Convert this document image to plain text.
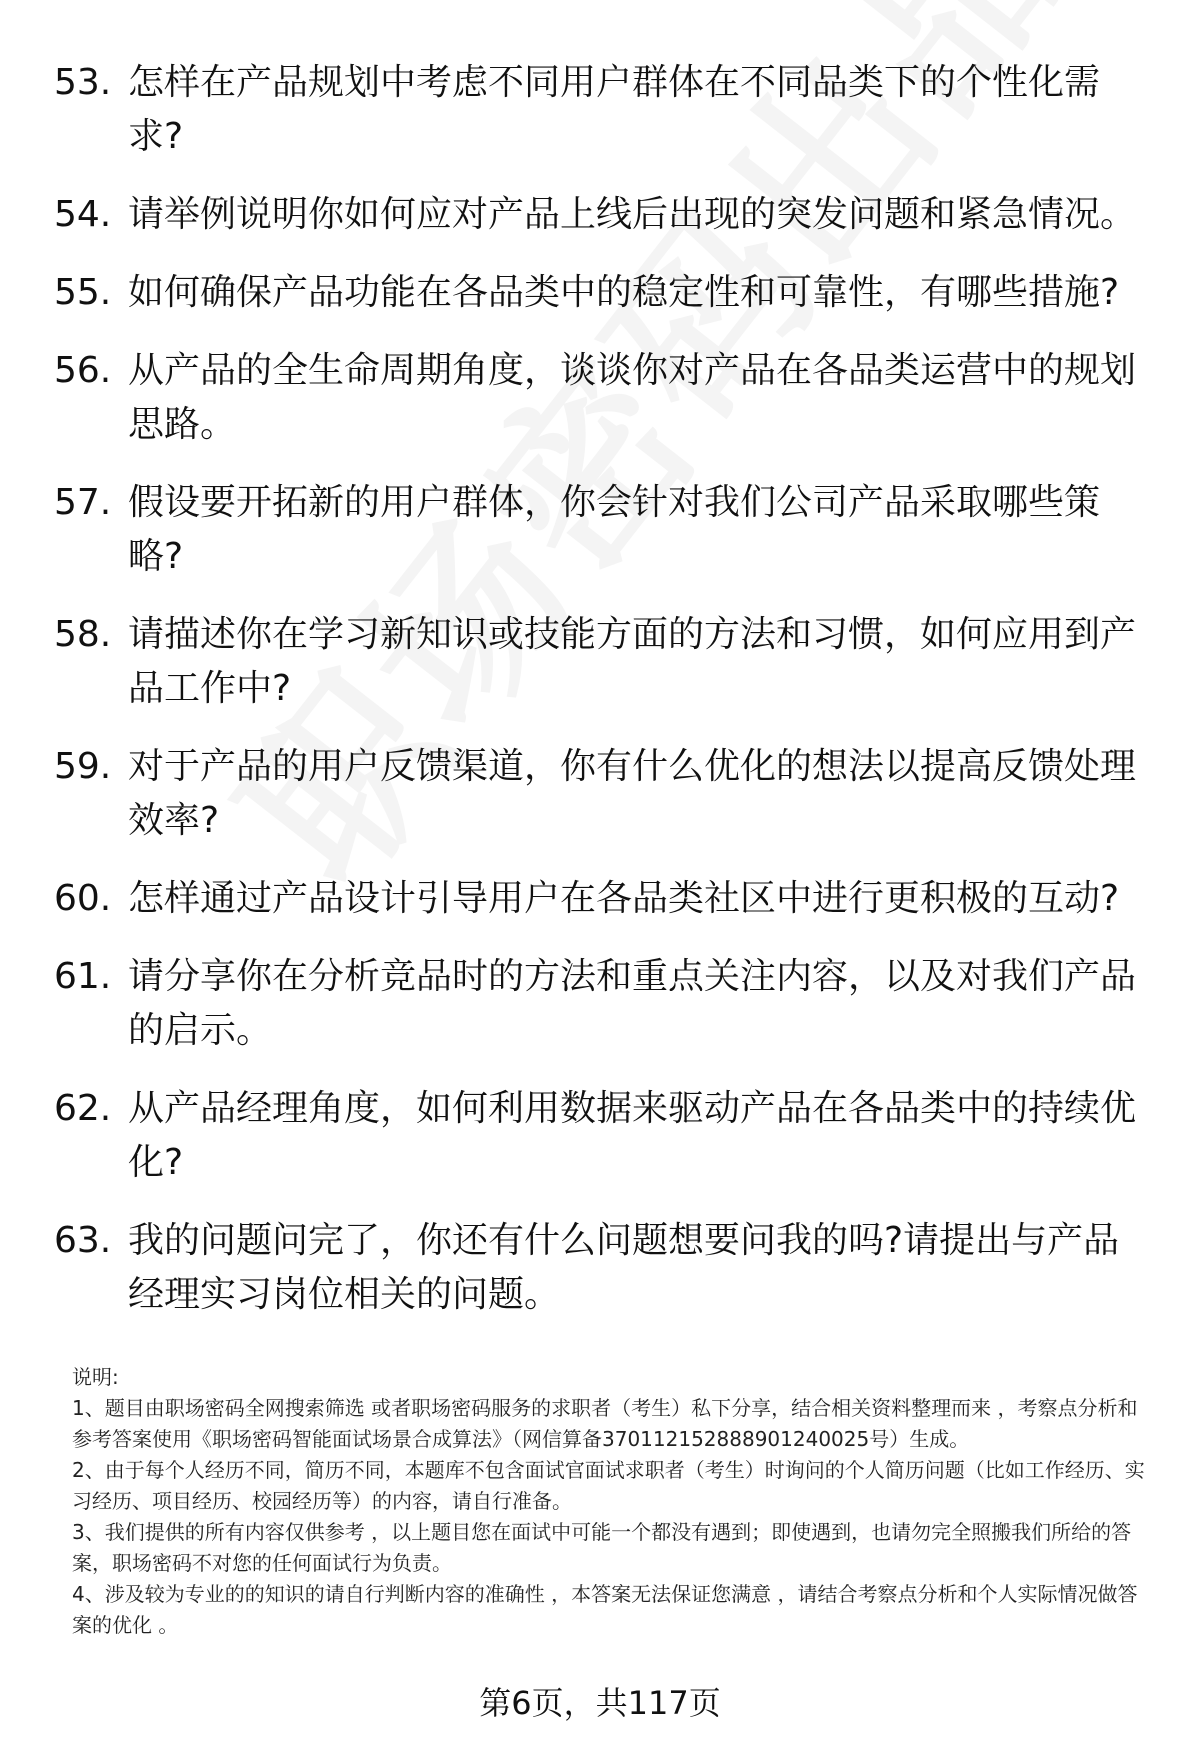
53. 怎样在产品规划中考虑不同用户群体在不同品类下的个性化需求?
54. 请举例说明你如何应对产品上线后出现的突发问题和紧急情况。
55. 如何确保产品功能在各品类中的稳定性和可靠性，有哪些措施?
56. 从产品的全生命周期角度，谈谈你对产品在各品类运营中的规划思路。
57. 假设要开拓新的用户群体，你会针对我们公司产品采取哪些策略?
58. 请描述你在学习新知识或技能方面的方法和习惯，如何应用到产品工作中?
59. 对于产品的用户反馈渠道，你有什么优化的想法以提高反馈处理效率?
60. 怎样通过产品设计引导用户在各品类社区中进行更积极的互动?
61. 请分享你在分析竞品时的方法和重点关注内容，以及对我们产品的启示。
62. 从产品经理角度，如何利用数据来驱动产品在各品类中的持续优化?
63. 我的问题问完了，你还有什么问题想要问我的吗?请提出与产品经理实习岗位相关的问题。

说明:

1、题目由职场密码全网搜索筛选 或者职场密码服务的求职者（考生）私下分享，结合相关资料整理而来 ，考察点分析和参考答案使用《职场密码智能面试场景合成算法》（网信算备370112152888901240025号）生成。

2、由于每个人经历不同，简历不同，本题库不包含面试官面试求职者（考生）时询问的个人简历问题（比如工作经历、实习经历、项目经历、校园经历等）的内容，请自行准备。

3、我们提供的所有内容仅供参考 ，以上题目您在面试中可能一个都没有遇到；即使遇到，也请勿完全照搬我们所给的答案，职场密码不对您的任何面试行为负责。

4、涉及较为专业的的知识的请自行判断内容的准确性 ，本答案无法保证您满意 ，请结合考察点分析和个人实际情况做答案的优化 。

第6页，共117页
